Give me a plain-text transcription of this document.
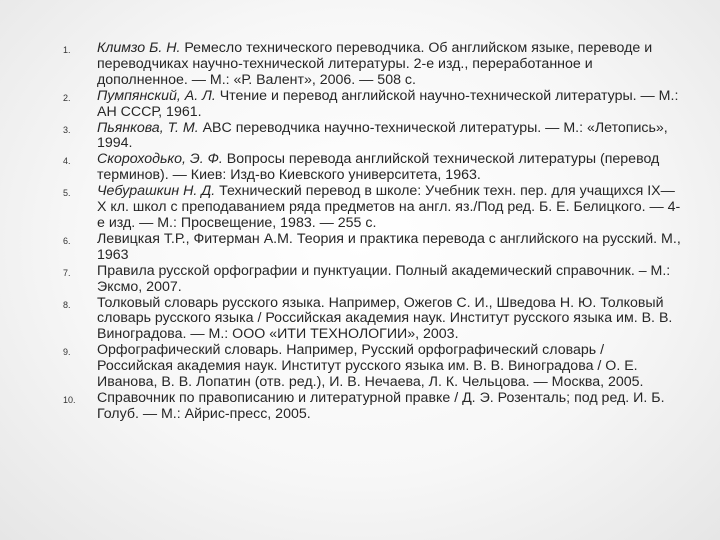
1. Климзо Б. Н. Ремесло технического переводчика. Об английском языке, переводе и переводчиках научно-технической литературы. 2-е изд., переработанное и дополненное. — М.: «Р. Валент», 2006. — 508 с.
2. Пумпянский, А. Л. Чтение и перевод английской научно-технической литературы. — М.: АН СССР, 1961.
3. Пьянкова, Т. М. ABC переводчика научно-технической литературы. — М.: «Летопись», 1994.
4. Скороходько, Э. Ф. Вопросы перевода английской технической литературы (перевод терминов). — Киев: Изд-во Киевского университета, 1963.
5. Чебурашкин Н. Д. Технический перевод в школе: Учебник техн. пер. для учащихся IX—X кл. школ с преподаванием ряда предметов на англ. яз./Под ред. Б. Е. Белицкого. — 4-е изд. — М.: Просвещение, 1983. — 255 с.
6. Левицкая Т.Р., Фитерман А.М. Теория и практика перевода с английского на русский. М., 1963
7. Правила русской орфографии и пунктуации. Полный академический справочник. – М.: Эксмо, 2007.
8. Толковый словарь русского языка. Например, Ожегов С. И., Шведова Н. Ю. Толковый словарь русского языка / Российская академия наук. Институт русского языка им. В. В. Виноградова. — М.: ООО «ИТИ ТЕХНОЛОГИИ», 2003.
9. Орфографический словарь. Например, Русский орфографический словарь / Российская академия наук. Институт русского языка им. В. В. Виноградова / О. Е. Иванова, В. В. Лопатин (отв. ред.), И. В. Нечаева, Л. К. Чельцова. — Москва, 2005.
10. Справочник по правописанию и литературной правке / Д. Э. Розенталь; под ред. И. Б. Голуб. — М.: Айрис-пресс, 2005.
